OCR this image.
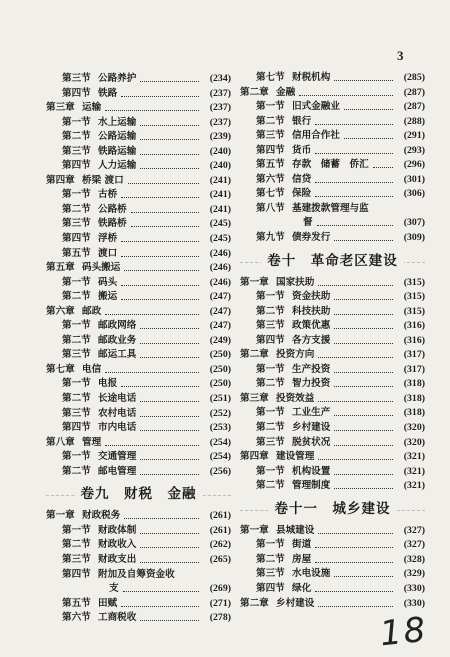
3
第三节 公路养护	(234)
第四节 铁路	(237)
第三章 运输	(237)
第一节 水上运输	(237)
第二节 公路运输	(239)
第三节 铁路运输	(240)
第四节 人力运输	(240)
第四章 桥梁 渡口	(241)
第一节 古桥	(241)
第二节 公路桥	(241)
第三节 铁路桥	(245)
第四节 浮桥	(245)
第五节 渡口	(246)
第五章 码头搬运	(246)
第一节 码头	(246)
第二节 搬运	(247)
第六章 邮政	(247)
第一节 邮政网络	(247)
第二节 邮政业务	(249)
第三节 邮运工具	(250)
第七章 电信	(250)
第一节 电报	(250)
第二节 长途电话	(251)
第三节 农村电话	(252)
第四节 市内电话	(253)
第八章 管理	(254)
第一节 交通管理	(254)
第二节 邮电管理	(256)
卷九　财税　金融
第一章 财政税务	(261)
第一节 财政体制	(261)
第二节 财政收入	(262)
第三节 财政支出	(265)
第四节 附加及自筹资金收
支	(269)
第五节 田赋	(271)
第六节 工商税收	(278)
第七节 财税机构	(285)
第二章 金融	(287)
第一节 旧式金融业	(287)
第二节 银行	(288)
第三节 信用合作社	(291)
第四节 货币	(293)
第五节 存款　储蓄　侨汇	(296)
第六节 信贷	(301)
第七节 保险	(306)
第八节 基建拨款管理与监
督	(307)
第九节 债券发行	(309)
卷十　革命老区建设
第一章 国家扶助	(315)
第一节 资金扶助	(315)
第二节 科技扶助	(315)
第三节 政策优惠	(316)
第四节 各方支援	(316)
第二章 投资方向	(317)
第一节 生产投资	(317)
第二节 智力投资	(318)
第三章 投资效益	(318)
第一节 工业生产	(318)
第二节 乡村建设	(320)
第三节 脱贫状况	(320)
第四章 建设管理	(321)
第一节 机构设置	(321)
第二节 管理制度	(321)
卷十一　城乡建设
第一章 县城建设	(327)
第一节 街道	(327)
第二节 房屋	(328)
第三节 水电设施	(329)
第四节 绿化	(330)
第二章 乡村建设	(330)
18
